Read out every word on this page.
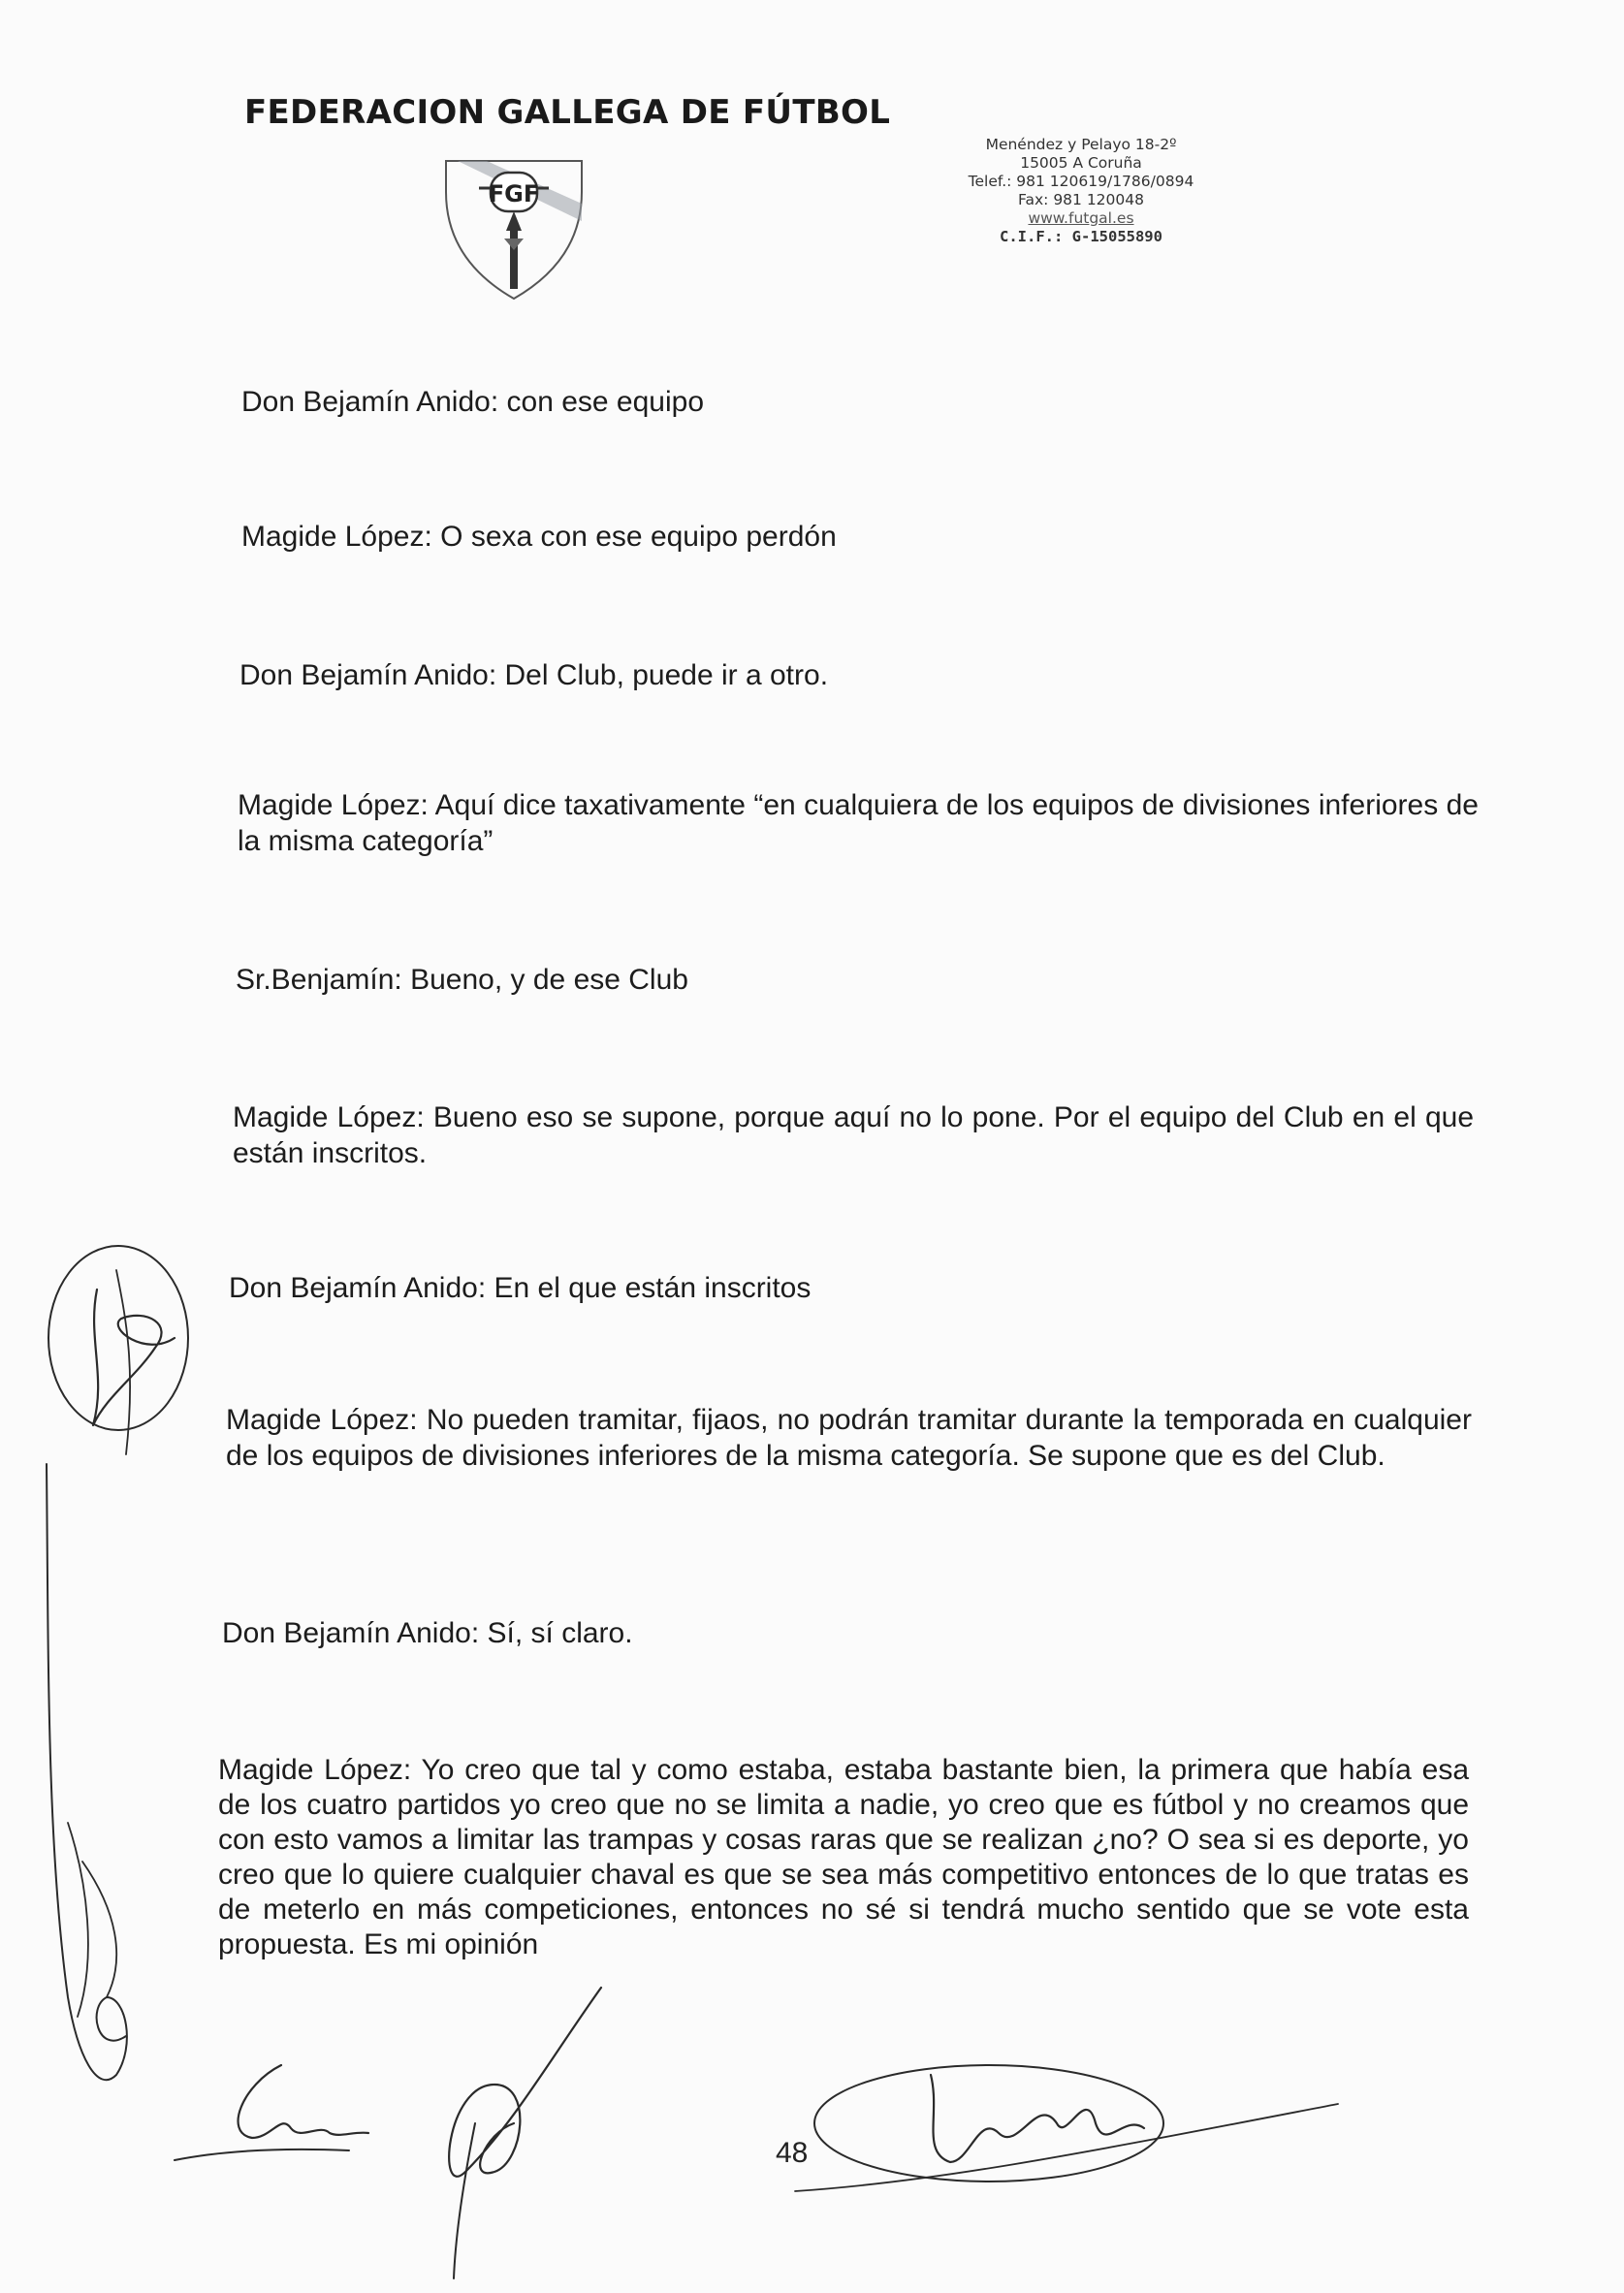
FEDERACION GALLEGA DE FÚTBOL
FGF
Menéndez y Pelayo 18-2º
15005 A Coruña
Telef.: 981 120619/1786/0894
Fax: 981 120048
www.futgal.es
C.I.F.: G-15055890
Don Bejamín Anido: con ese equipo
Magide López: O sexa con ese equipo perdón
Don Bejamín Anido: Del Club, puede ir a otro.
Magide López: Aquí dice taxativamente “en cualquiera de los equipos de divisiones inferiores de la misma categoría”
Sr.Benjamín: Bueno, y de ese Club
Magide López: Bueno eso se supone, porque aquí no lo pone. Por el equipo del Club en el que están inscritos.
Don Bejamín Anido: En el que están inscritos
Magide López: No pueden tramitar, fijaos, no podrán tramitar durante la temporada en cualquier de los equipos de divisiones inferiores de la misma categoría. Se supone que es del Club.
Don Bejamín Anido: Sí, sí claro.
Magide López: Yo creo que tal y como estaba, estaba bastante bien, la primera que había esa de los cuatro partidos yo creo que no se limita a nadie, yo creo que es fútbol y no creamos que con esto vamos a limitar las trampas y cosas raras que se realizan ¿no? O sea si es deporte, yo creo que lo quiere cualquier chaval es que se sea más competitivo entonces de lo que tratas es de meterlo en más competiciones, entonces no sé si tendrá mucho sentido que se vote esta propuesta. Es mi opinión
48
